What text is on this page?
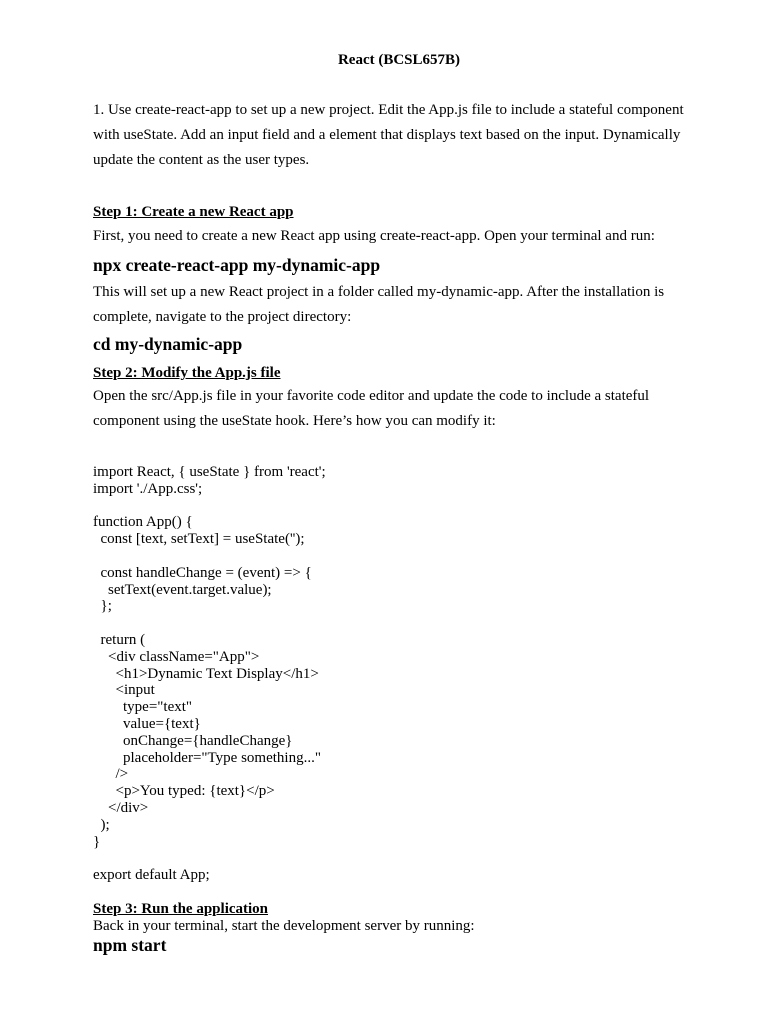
React (BCSL657B)

1. Use create-react-app to set up a new project. Edit the App.js file to include a stateful component with useState. Add an input field and a element that displays text based on the input. Dynamically update the content as the user types.

Step 1: Create a new React app

First, you need to create a new React app using create-react-app. Open your terminal and run:

npx create-react-app my-dynamic-app

This will set up a new React project in a folder called my-dynamic-app. After the installation is complete, navigate to the project directory:

cd my-dynamic-app

Step 2: Modify the App.js file

Open the src/App.js file in your favorite code editor and update the code to include a stateful component using the useState hook. Here’s how you can modify it:

import React, { useState } from 'react';
import './App.css';

function App() {
const [text, setText] = useState('');

const handleChange = (event) => {
setText(event.target.value);
};

return (
<div className="App">
<h1>Dynamic Text Display</h1>
<input
type="text"
value={text}
onChange={handleChange}
placeholder="Type something..."
/>
<p>You typed: {text}</p>
</div>
);
}

export default App;

Step 3: Run the application

Back in your terminal, start the development server by running:

npm start
